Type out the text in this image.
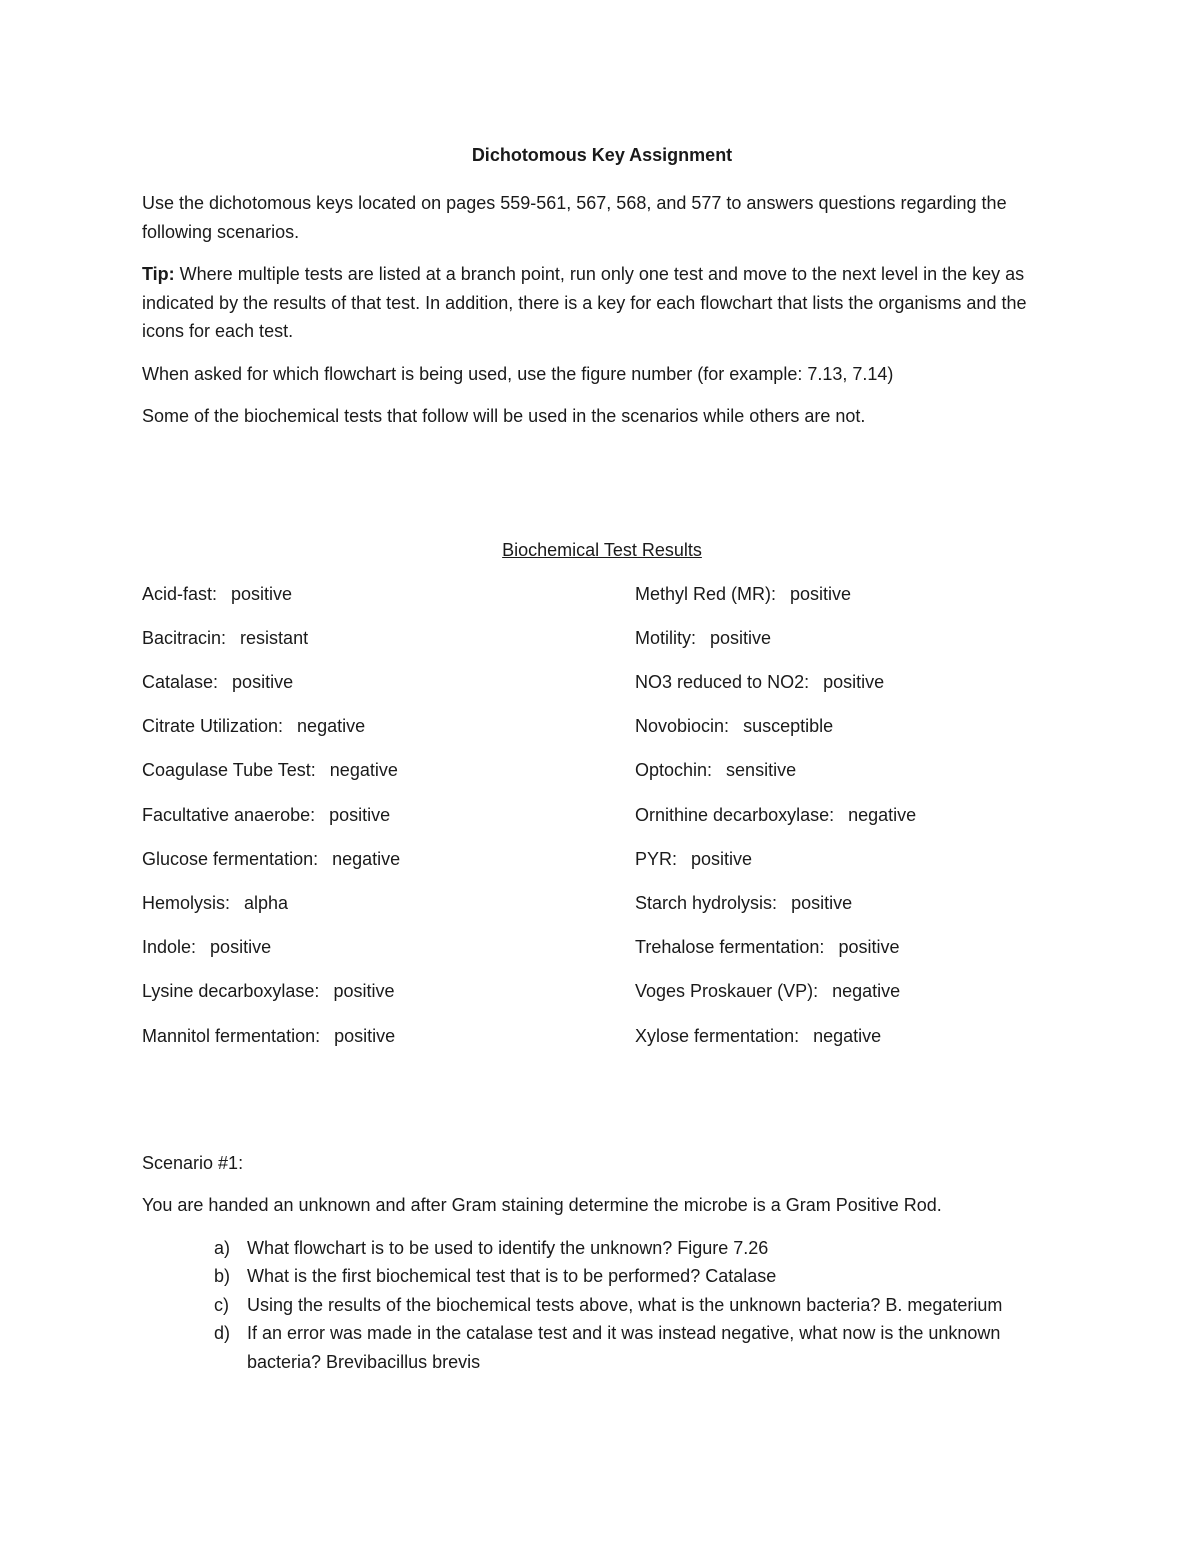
Dichotomous Key Assignment

Use the dichotomous keys located on pages 559-561, 567, 568, and 577 to answers questions regarding the following scenarios.

Tip: Where multiple tests are listed at a branch point, run only one test and move to the next level in the key as indicated by the results of that test. In addition, there is a key for each flowchart that lists the organisms and the icons for each test.

When asked for which flowchart is being used, use the figure number (for example: 7.13, 7.14)

Some of the biochemical tests that follow will be used in the scenarios while others are not.

Biochemical Test Results
Acid-fast: positive
Bacitracin: resistant
Catalase: positive
Citrate Utilization: negative
Coagulase Tube Test: negative
Facultative anaerobe: positive
Glucose fermentation: negative
Hemolysis: alpha
Indole: positive
Lysine decarboxylase: positive
Mannitol fermentation: positive
Methyl Red (MR): positive
Motility: positive
NO3 reduced to NO2: positive
Novobiocin: susceptible
Optochin: sensitive
Ornithine decarboxylase: negative
PYR: positive
Starch hydrolysis: positive
Trehalose fermentation: positive
Voges Proskauer (VP): negative
Xylose fermentation: negative
Scenario #1:
You are handed an unknown and after Gram staining determine the microbe is a Gram Positive Rod.
a) What flowchart is to be used to identify the unknown? Figure 7.26
b) What is the first biochemical test that is to be performed? Catalase
c) Using the results of the biochemical tests above, what is the unknown bacteria? B. megaterium
d) If an error was made in the catalase test and it was instead negative, what now is the unknown bacteria? Brevibacillus brevis
